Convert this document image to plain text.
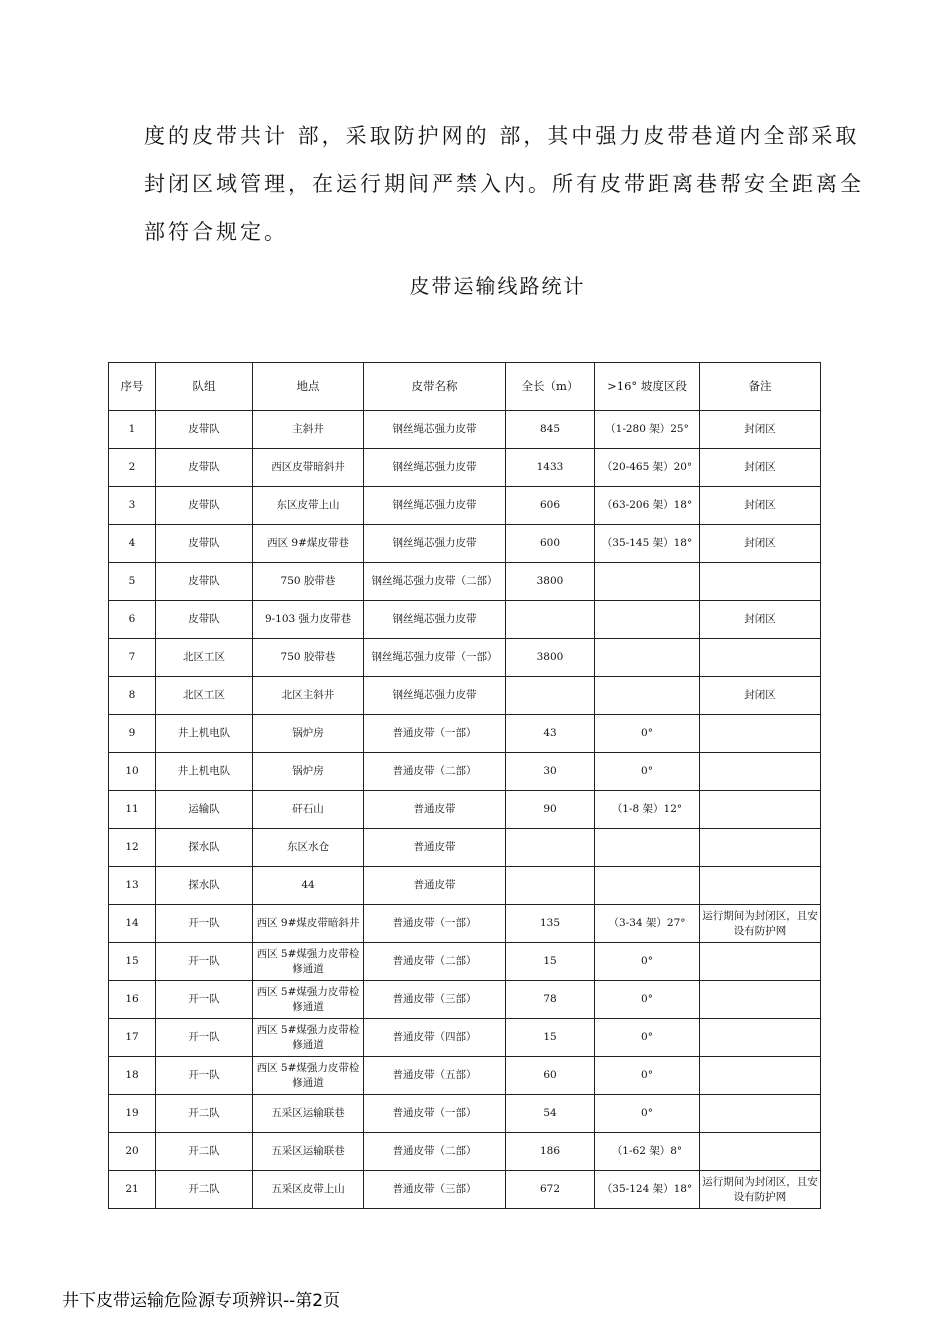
度的皮带共计 部，采取防护网的 部，其中强力皮带巷道内全部采取

封闭区域管理，在运行期间严禁入内。所有皮带距离巷帮安全距离全

部符合规定。

皮带运输线路统计
序号	队组	地点	皮带名称	全长（m）	>16° 坡度区段	备注
1	皮带队	主斜井	钢丝绳芯强力皮带	845	（1-280 架）25°	封闭区
2	皮带队	西区皮带暗斜井	钢丝绳芯强力皮带	1433	（20-465 架）20°	封闭区
3	皮带队	东区皮带上山	钢丝绳芯强力皮带	606	（63-206 架）18°	封闭区
4	皮带队	西区 9#煤皮带巷	钢丝绳芯强力皮带	600	（35-145 架）18°	封闭区
5	皮带队	750 胶带巷	钢丝绳芯强力皮带（二部）	3800		
6	皮带队	9-103 强力皮带巷	钢丝绳芯强力皮带			封闭区
7	北区工区	750 胶带巷	钢丝绳芯强力皮带（一部）	3800		
8	北区工区	北区主斜井	钢丝绳芯强力皮带			封闭区
9	井上机电队	锅炉房	普通皮带（一部）	43	0°	
10	井上机电队	锅炉房	普通皮带（二部）	30	0°	
11	运输队	矸石山	普通皮带	90	（1-8 架）12°	
12	探水队	东区水仓	普通皮带			
13	探水队	44	普通皮带			
14	开一队	西区 9#煤皮带暗斜井	普通皮带（一部）	135	（3-34 架）27°	运行期间为封闭区，且安设有防护网
15	开一队	西区 5#煤强力皮带检修通道	普通皮带（二部）	15	0°	
16	开一队	西区 5#煤强力皮带检修通道	普通皮带（三部）	78	0°	
17	开一队	西区 5#煤强力皮带检修通道	普通皮带（四部）	15	0°	
18	开一队	西区 5#煤强力皮带检修通道	普通皮带（五部）	60	0°	
19	开二队	五采区运输联巷	普通皮带（一部）	54	0°	
20	开二队	五采区运输联巷	普通皮带（二部）	186	（1-62 架）8°	
21	开二队	五采区皮带上山	普通皮带（三部）	672	（35-124 架）18°	运行期间为封闭区，且安设有防护网
井下皮带运输危险源专项辨识--第2页
